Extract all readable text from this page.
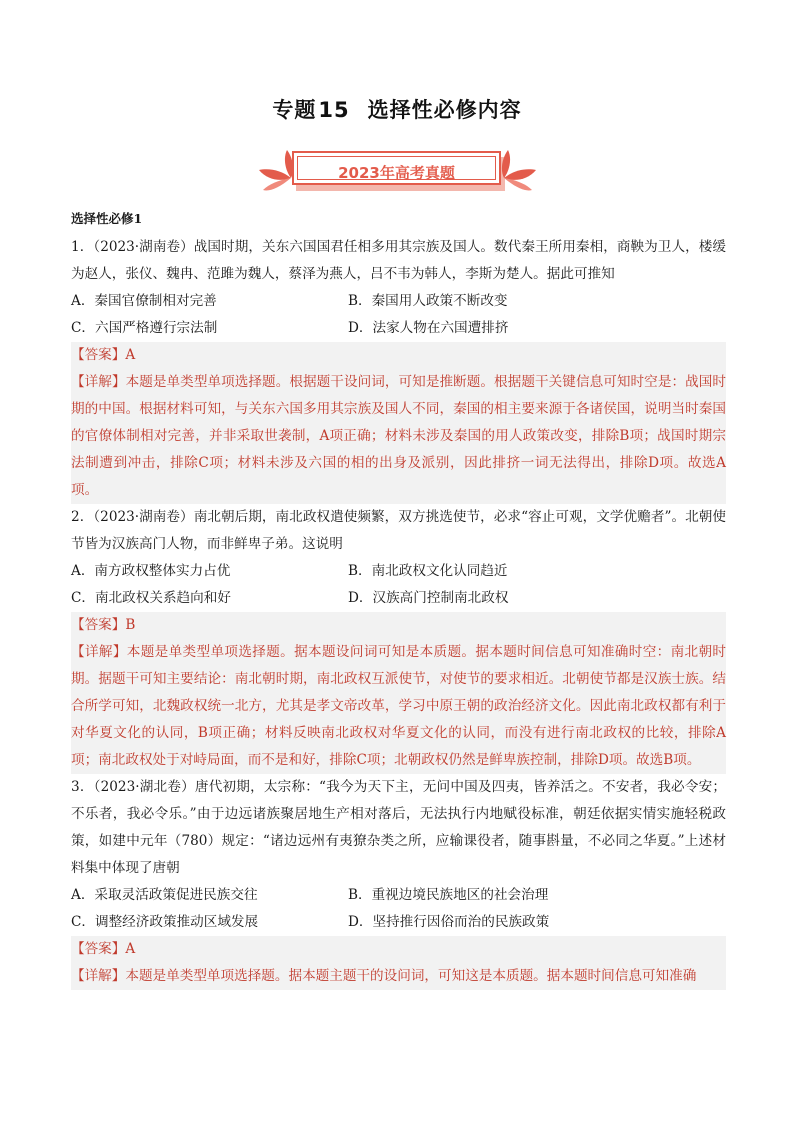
专题15 选择性必修内容
2023年高考真题
选择性必修1

1．（2023·湖南卷）战国时期，关东六国国君任相多用其宗族及国人。数代秦王所用秦相，商鞅为卫人，楼缓为赵人，张仪、魏冉、范雎为魏人，蔡泽为燕人，吕不韦为韩人，李斯为楚人。据此可推知

A．秦国官僚制相对完善	B．秦国用人政策不断改变
C．六国严格遵行宗法制	D．法家人物在六国遭排挤

【答案】A

【详解】本题是单类型单项选择题。根据题干设问词，可知是推断题。根据题干关键信息可知时空是：战国时期的中国。根据材料可知，与关东六国多用其宗族及国人不同，秦国的相主要来源于各诸侯国，说明当时秦国的官僚体制相对完善，并非采取世袭制，A项正确；材料未涉及秦国的用人政策改变，排除B项；战国时期宗法制遭到冲击，排除C项；材料未涉及六国的相的出身及派别，因此排挤一词无法得出，排除D项。故选A项。

2．（2023·湖南卷）南北朝后期，南北政权遣使频繁，双方挑选使节，必求“容止可观，文学优赡者”。北朝使节皆为汉族高门人物，而非鲜卑子弟。这说明

A．南方政权整体实力占优	B．南北政权文化认同趋近
C．南北政权关系趋向和好	D．汉族高门控制南北政权

【答案】B

【详解】本题是单类型单项选择题。据本题设问词可知是本质题。据本题时间信息可知准确时空：南北朝时期。据题干可知主要结论：南北朝时期，南北政权互派使节，对使节的要求相近。北朝使节都是汉族士族。结合所学可知，北魏政权统一北方，尤其是孝文帝改革，学习中原王朝的政治经济文化。因此南北政权都有利于对华夏文化的认同，B项正确；材料反映南北政权对华夏文化的认同，而没有进行南北政权的比较，排除A项；南北政权处于对峙局面，而不是和好，排除C项；北朝政权仍然是鲜卑族控制，排除D项。故选B项。

3．（2023·湖北卷）唐代初期，太宗称：“我今为天下主，无问中国及四夷，皆养活之。不安者，我必令安；不乐者，我必令乐。”由于边远诸族聚居地生产相对落后，无法执行内地赋役标准，朝廷依据实情实施轻税政策，如建中元年（780）规定：“诸边远州有夷獠杂类之所，应输课役者，随事斟量，不必同之华夏。”上述材料集中体现了唐朝

A．采取灵活政策促进民族交往	B．重视边境民族地区的社会治理
C．调整经济政策推动区域发展	D．坚持推行因俗而治的民族政策

【答案】A

【详解】本题是单类型单项选择题。据本题主题干的设问词，可知这是本质题。据本题时间信息可知准确
